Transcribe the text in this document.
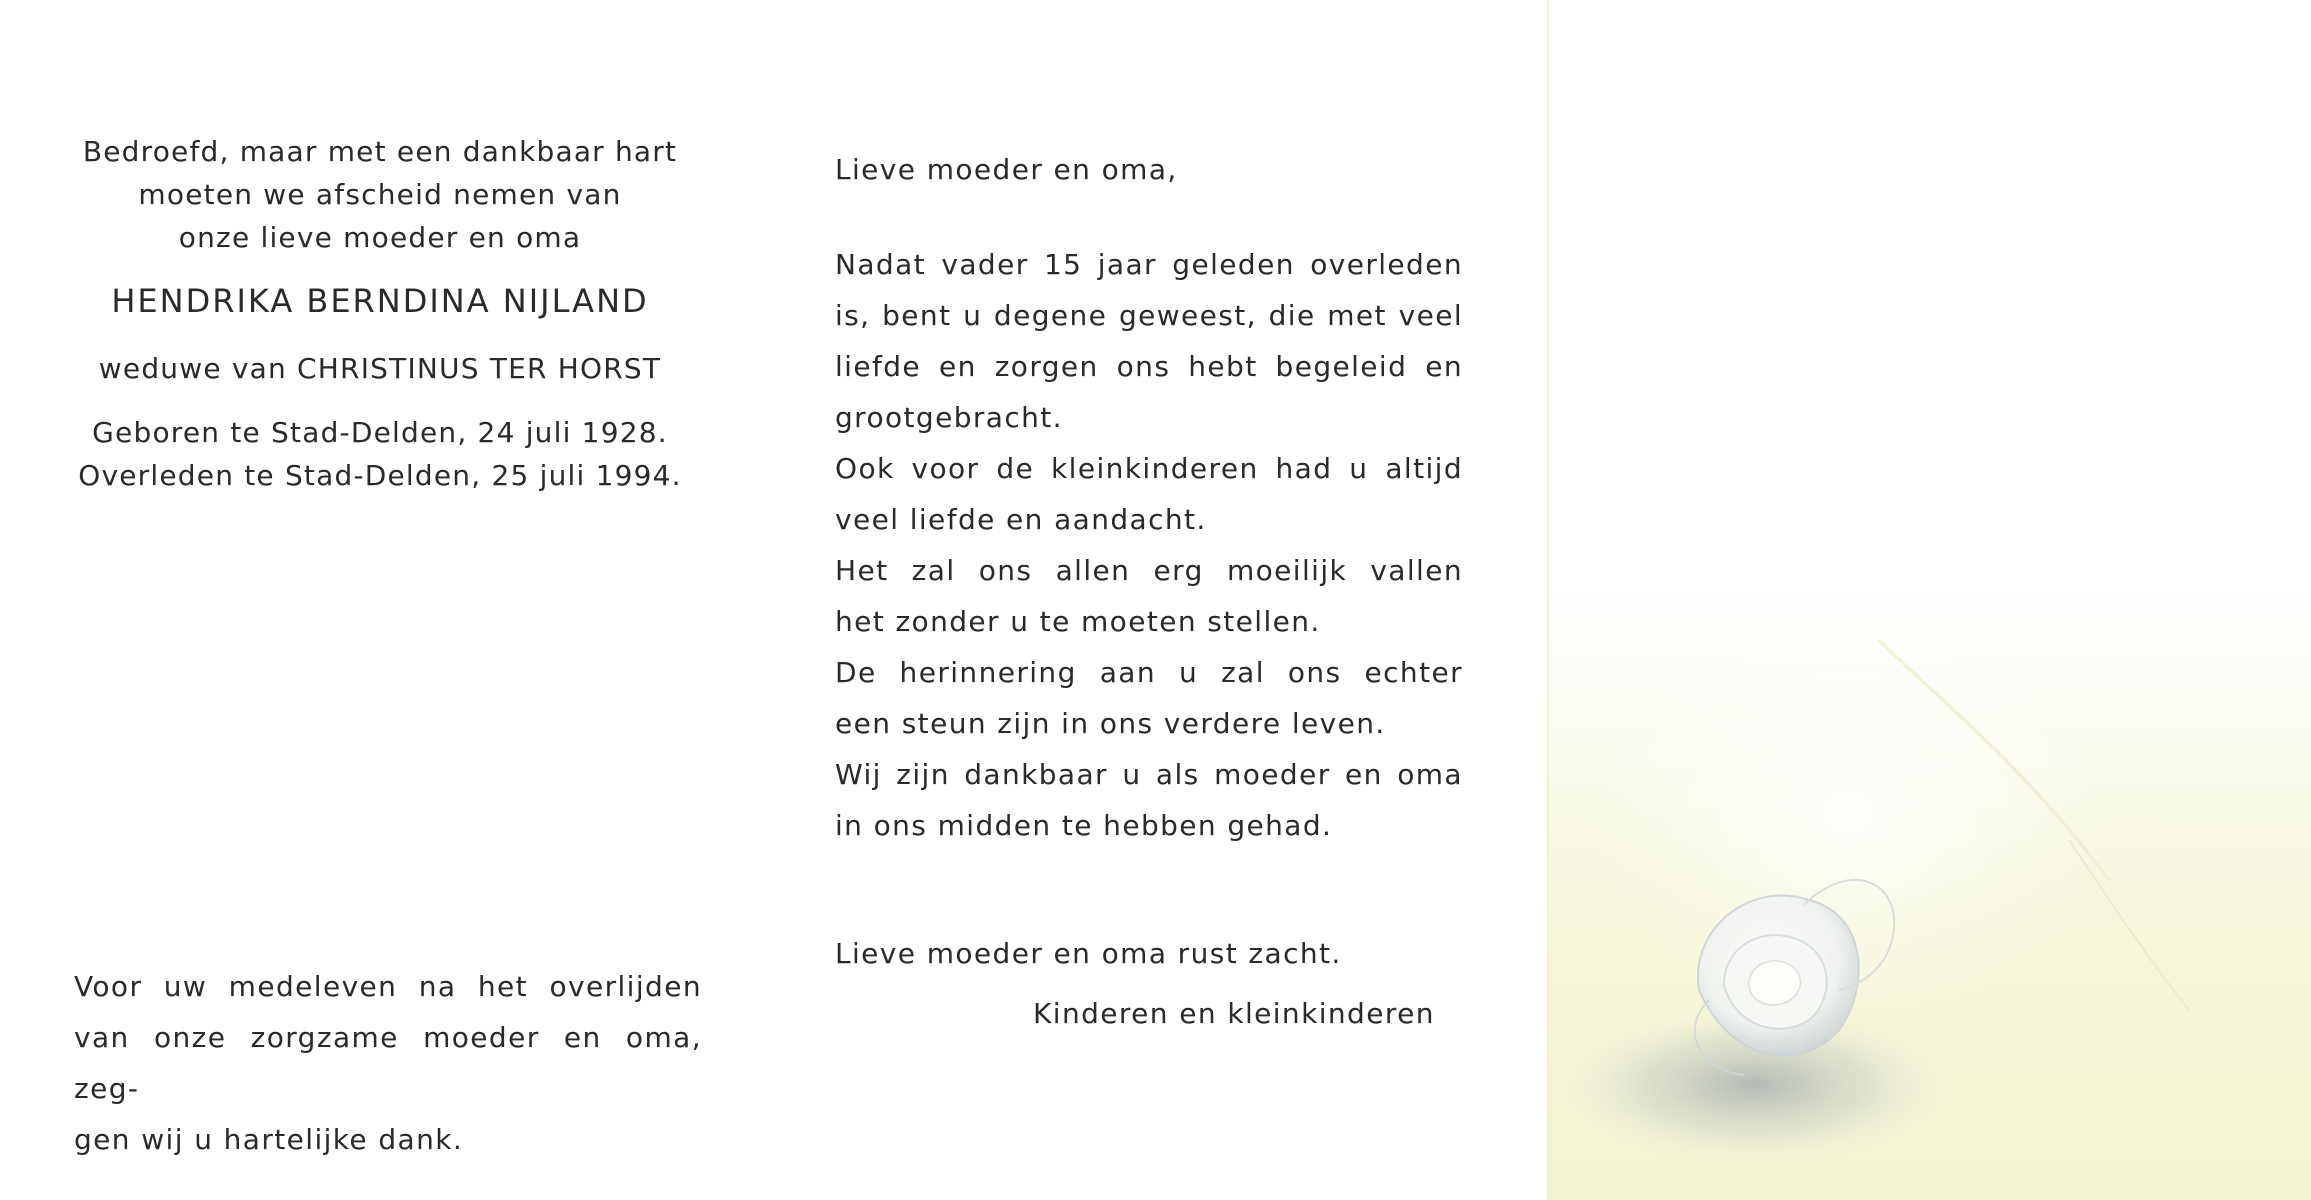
Bedroefd, maar met een dankbaar hart
moeten we afscheid nemen van
onze lieve moeder en oma
HENDRIKA BERNDINA NIJLAND
weduwe van CHRISTINUS TER HORST
Geboren te Stad-Delden, 24 juli 1928.
Overleden te Stad-Delden, 25 juli 1994.
Voor uw medeleven na het overlijden
van onze zorgzame moeder en oma, zeg-
gen wij u hartelijke dank.
Lieve moeder en oma,
Nadat vader 15 jaar geleden overleden
is, bent u degene geweest, die met veel
liefde en zorgen ons hebt begeleid en
grootgebracht.
Ook voor de kleinkinderen had u altijd
veel liefde en aandacht.
Het zal ons allen erg moeilijk vallen
het zonder u te moeten stellen.
De herinnering aan u zal ons echter
een steun zijn in ons verdere leven.
Wij zijn dankbaar u als moeder en oma
in ons midden te hebben gehad.
Lieve moeder en oma rust zacht.
Kinderen en kleinkinderen
